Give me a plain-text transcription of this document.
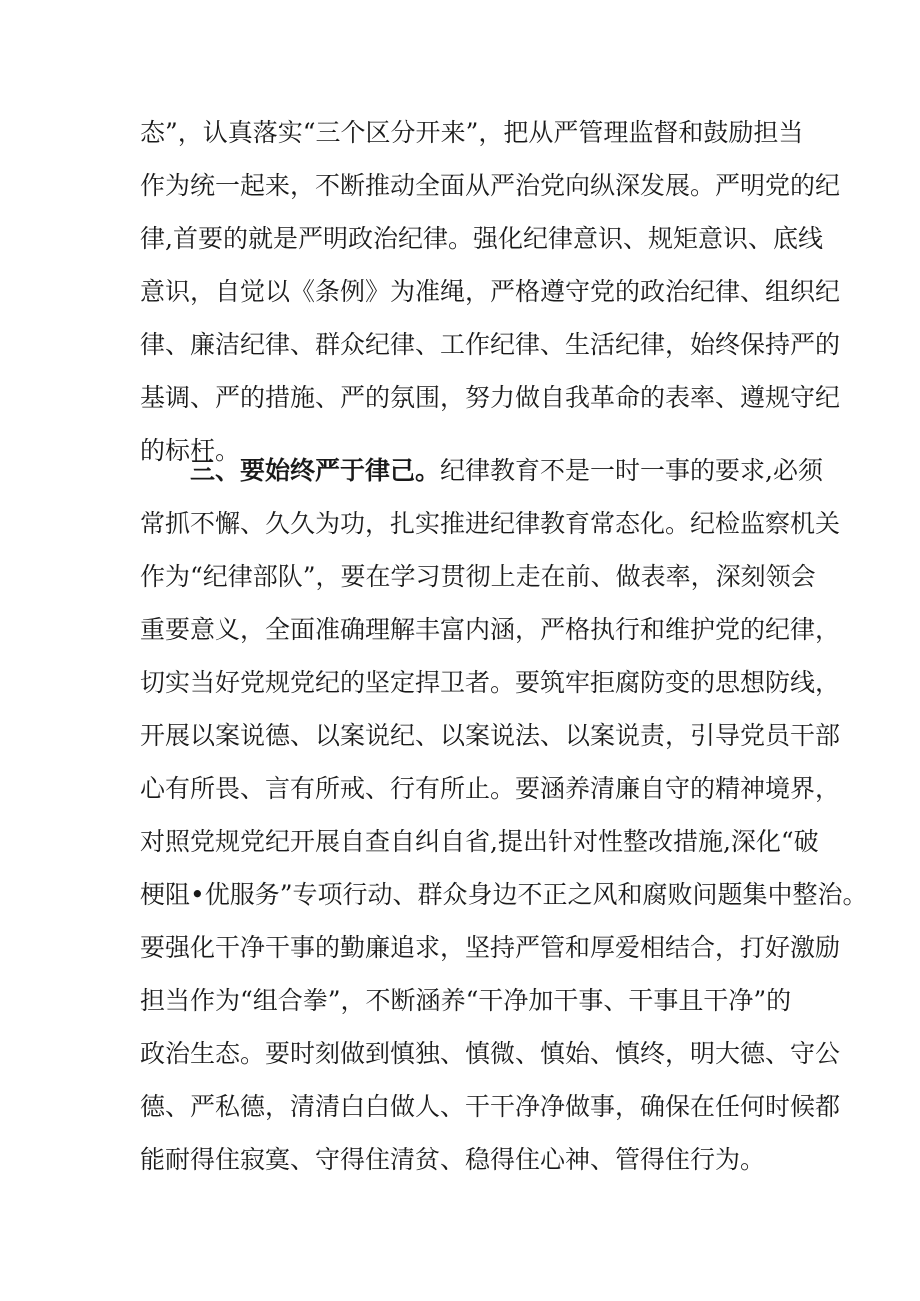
态”，认真落实“三个区分开来”，把从严管理监督和鼓励担当
作为统一起来，不断推动全面从严治党向纵深发展。严明党的纪
律,首要的就是严明政治纪律。强化纪律意识、规矩意识、底线
意识，自觉以《条例》为准绳，严格遵守党的政治纪律、组织纪
律、廉洁纪律、群众纪律、工作纪律、生活纪律，始终保持严的
基调、严的措施、严的氛围，努力做自我革命的表率、遵规守纪
的标杆。
三、要始终严于律己。纪律教育不是一时一事的要求,必须
常抓不懈、久久为功，扎实推进纪律教育常态化。纪检监察机关
作为“纪律部队”，要在学习贯彻上走在前、做表率，深刻领会
重要意义，全面准确理解丰富内涵，严格执行和维护党的纪律，
切实当好党规党纪的坚定捍卫者。要筑牢拒腐防变的思想防线，
开展以案说德、以案说纪、以案说法、以案说责，引导党员干部
心有所畏、言有所戒、行有所止。要涵养清廉自守的精神境界，
对照党规党纪开展自查自纠自省,提出针对性整改措施,深化“破
梗阻•优服务”专项行动、群众身边不正之风和腐败问题集中整治。
要强化干净干事的勤廉追求，坚持严管和厚爱相结合，打好激励
担当作为“组合拳”，不断涵养“干净加干事、干事且干净”的
政治生态。要时刻做到慎独、慎微、慎始、慎终，明大德、守公
德、严私德，清清白白做人、干干净净做事，确保在任何时候都
能耐得住寂寞、守得住清贫、稳得住心神、管得住行为。
